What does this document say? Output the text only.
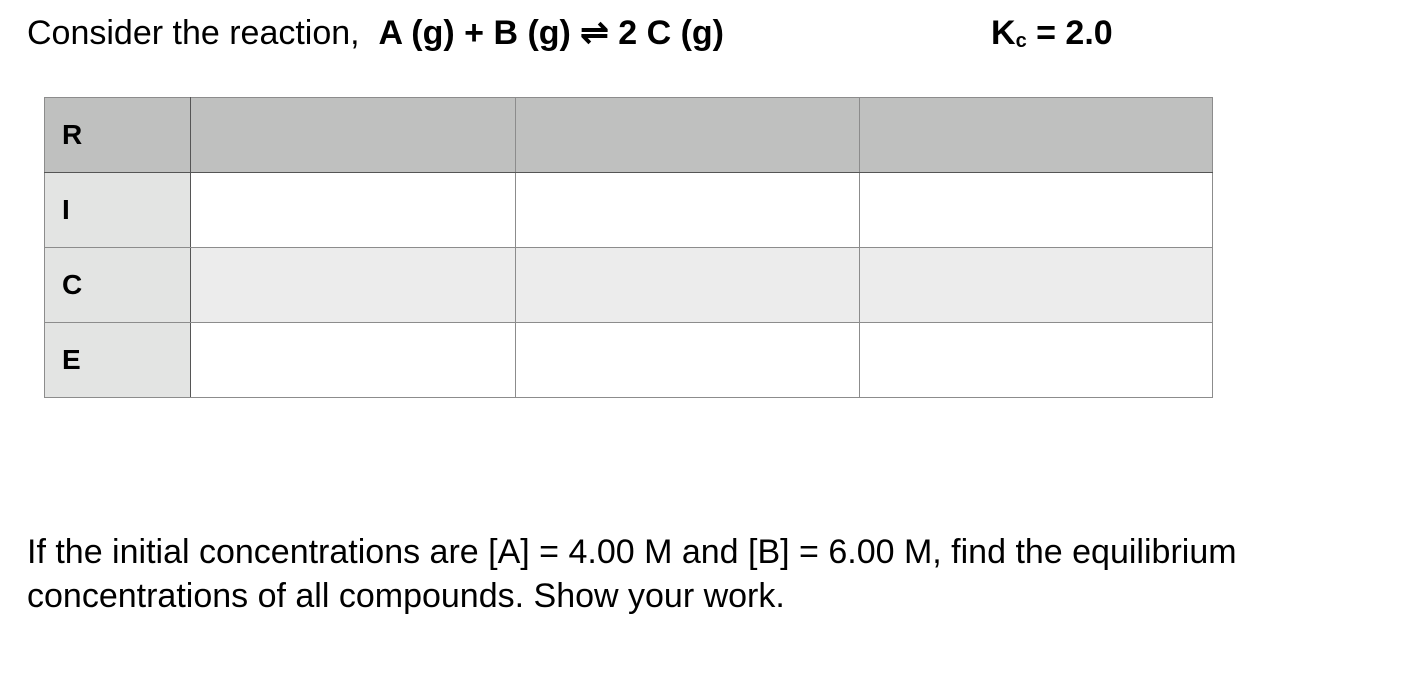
Consider the reaction, A (g) + B (g) ⇌ 2 C (g)	$K_c = 2.0$
R			
I			
C			
E			
If the initial concentrations are [A] = 4.00 M and [B] = 6.00 M, find the equilibrium
concentrations of all compounds. Show your work.
